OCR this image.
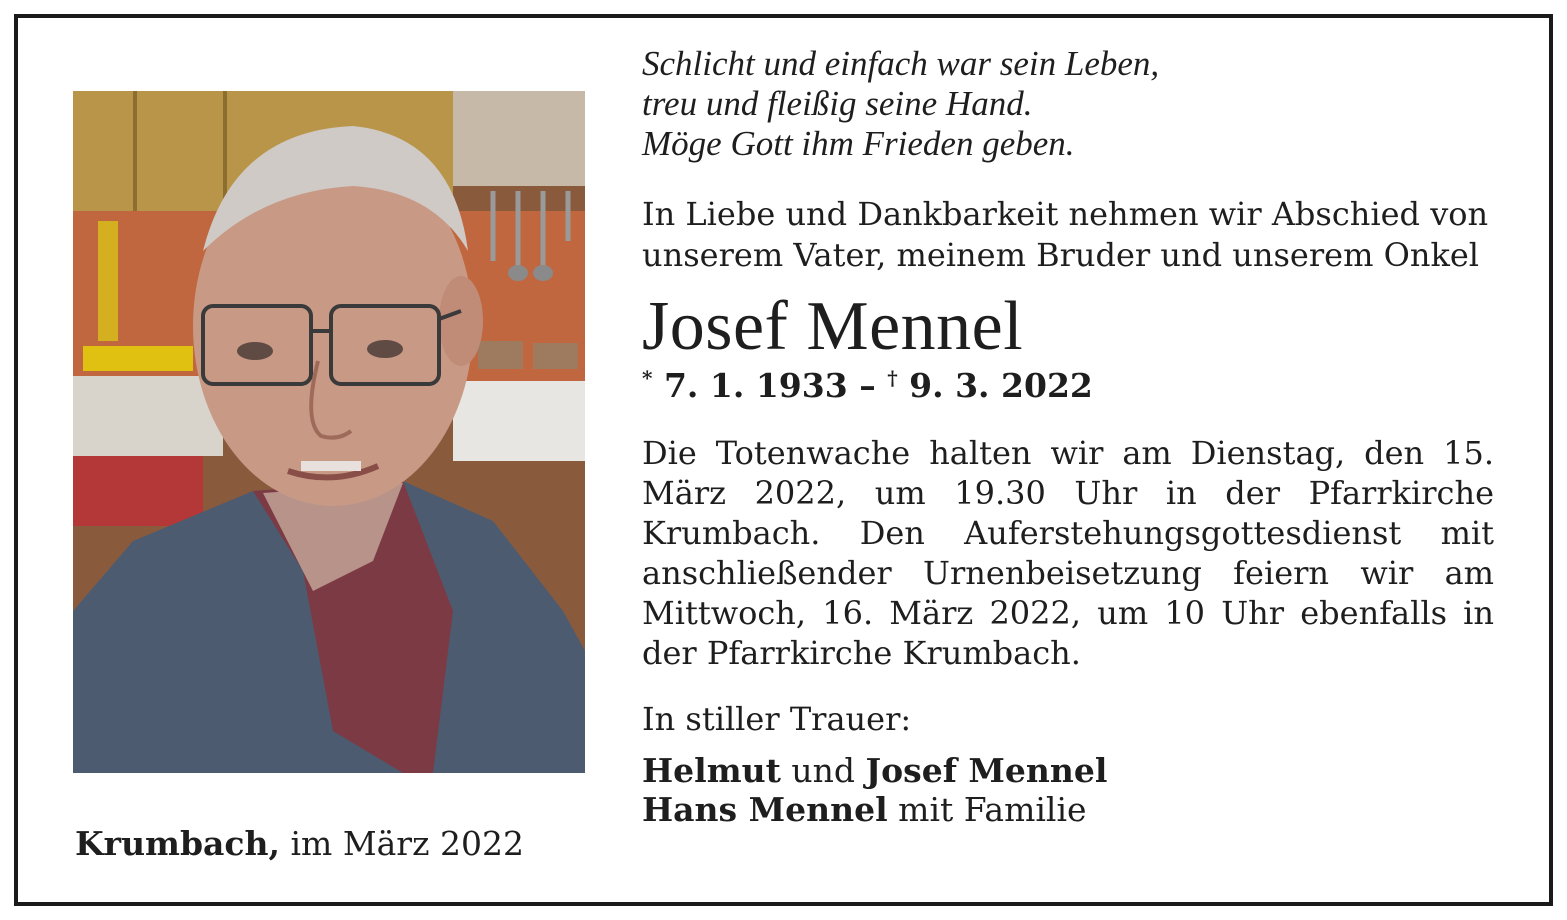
Krumbach, im März 2022
Schlicht und einfach war sein Leben,
treu und fleißig seine Hand.
Möge Gott ihm Frieden geben.
In Liebe und Dankbarkeit nehmen wir Abschied von
unserem Vater, meinem Bruder und unserem Onkel
Josef Mennel
* 7. 1. 1933 – † 9. 3. 2022
Die Totenwache halten wir am Dienstag, den 15. März 2022, um 19.30 Uhr in der Pfarrkirche Krumbach. Den Auferstehungsgottesdienst mit anschließender Urnenbeisetzung feiern wir am Mittwoch, 16. März 2022, um 10 Uhr ebenfalls in der Pfarrkirche Krumbach.
In stiller Trauer:
Helmut und Josef Mennel
Hans Mennel mit Familie
